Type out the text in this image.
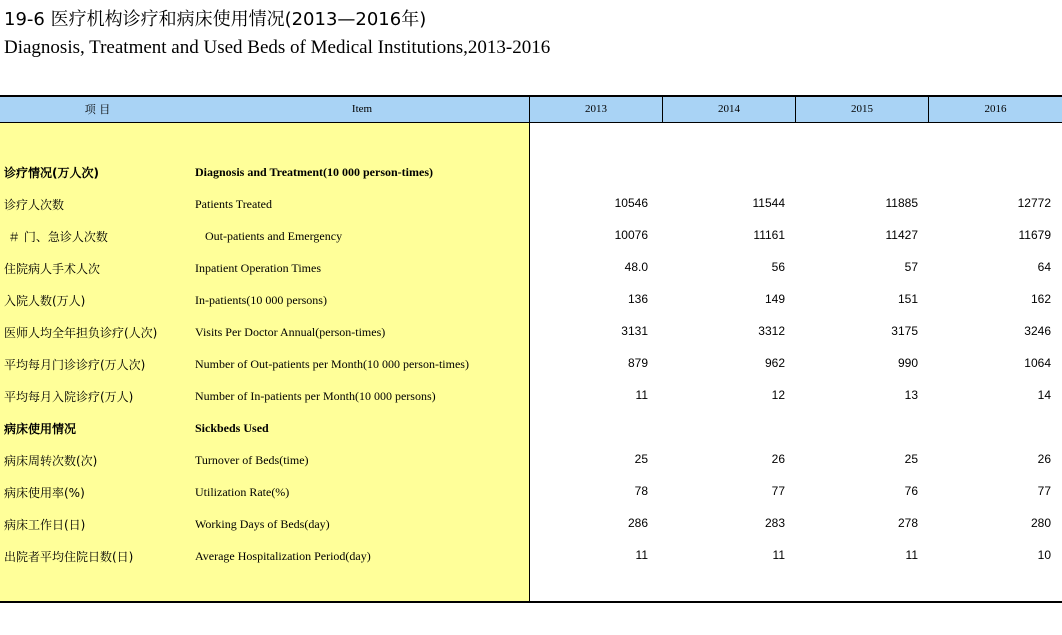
19-6 医疗机构诊疗和病床使用情况(2013—2016年)
Diagnosis, Treatment and Used Beds of Medical Institutions,2013-2016
项 目	Item	2013	2014	2015	2016
诊疗情况(万人次)	Diagnosis and Treatment(10 000 person-times)
诊疗人次数	Patients Treated	10546	11544	11885	12772
＃ 门、急诊人次数	Out-patients and Emergency	10076	11161	11427	11679
住院病人手术人次	Inpatient Operation Times	48.0	56	57	64
入院人数(万人)	In-patients(10 000 persons)	136	149	151	162
医师人均全年担负诊疗(人次)	Visits Per Doctor Annual(person-times)	3131	3312	3175	3246
平均每月门诊诊疗(万人次)	Number of Out-patients per Month(10 000 person-times)	879	962	990	1064
平均每月入院诊疗(万人)	Number of In-patients per Month(10 000 persons)	11	12	13	14
病床使用情况	Sickbeds Used
病床周转次数(次)	Turnover of Beds(time)	25	26	25	26
病床使用率(%)	Utilization Rate(%)	78	77	76	77
病床工作日(日)	Working Days of Beds(day)	286	283	278	280
出院者平均住院日数(日)	Average Hospitalization Period(day)	11	11	11	10
